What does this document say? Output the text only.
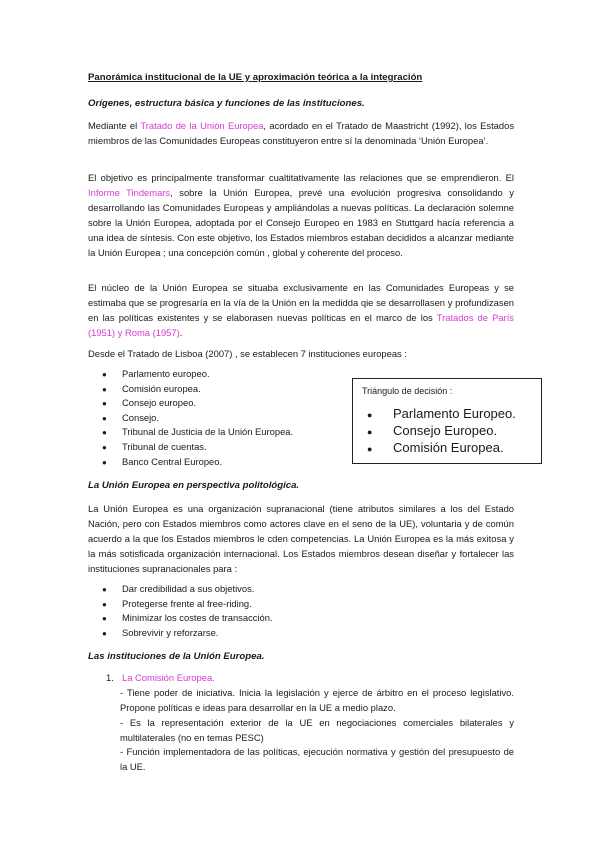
Panorámica institucional de la UE y aproximación teórica a la integración
Orígenes, estructura básica y funciones de las instituciones.

Mediante el Tratado de la Unión Europea, acordado en el Tratado de Maastricht (1992), los Estados miembros de las Comunidades Europeas constituyeron entre sí la denominada ‘Unión Europea’.

El objetivo es principalmente transformar cualtitativamente las relaciones que se emprendieron. El Informe Tindemars, sobre la Unión Europea, prevé una evolución progresiva consolidando y desarrollando las Comunidades Europeas y ampliándolas a nuevas políticas. La declaración solemne sobre la Unión Europea, adoptada por el Consejo Europeo en 1983 en Stuttgard hacía referencia a una idea de síntesis. Con este objetivo, los Estados miembros estaban decididos a alcanzar mediante la Unión Europea ; una concepción común , global y coherente del proceso.

El núcleo de la Unión Europea se situaba exclusivamente en las Comunidades Europeas y se estimaba que se progresaría en la vía de la Unión en la medidda qie se desarrollasen y profundizasen en las políticas existentes y se elaborasen nuevas políticas en el marco de los Tratados de París (1951) y Roma (1957).

Desde el Tratado de Lisboa (2007) , se establecen 7 instituciones europeas :

● Parlamento europeo.
● Comisión europea.
● Consejo europeo.
● Consejo.
● Tribunal de Justicia de la Unión Europea.
● Tribunal de cuentas.
● Banco Central Europeo.
Triángulo de decisión :
● Parlamento Europeo.
● Consejo Europeo.
● Comisión Europea.
La Unión Europea en perspectiva politológica.

La Unión Europea es una organización supranacional (tiene atributos similares a los del Estado Nación, pero con Estados miembros como actores clave en el seno de la UE), voluntaria y de común acuerdo a la que los Estados miembros le cden competencias. La Unión Europea es la más exitosa y la más sotisficada organización internacional. Los Estados miembros desean diseñar y fortalecer las instituciones supranacionales para :

● Dar credibilidad a sus objetivos.
● Protegerse frente al free-riding.
● Minimizar los costes de transacción.
● Sobrevivir y reforzarse.
Las instituciones de la Unión Europea.
1. La Comisión Europea.

- Tiene poder de iniciativa. Inicia la legislación y ejerce de árbitro en el proceso legislativo. Propone políticas e ideas para desarrollar en la UE a medio plazo.

- Es la representación exterior de la UE en negociaciones comerciales bilaterales y multilaterales (no en temas PESC)

- Función implementadora de las políticas, ejecución normativa y gestión del presupuesto de la UE.
